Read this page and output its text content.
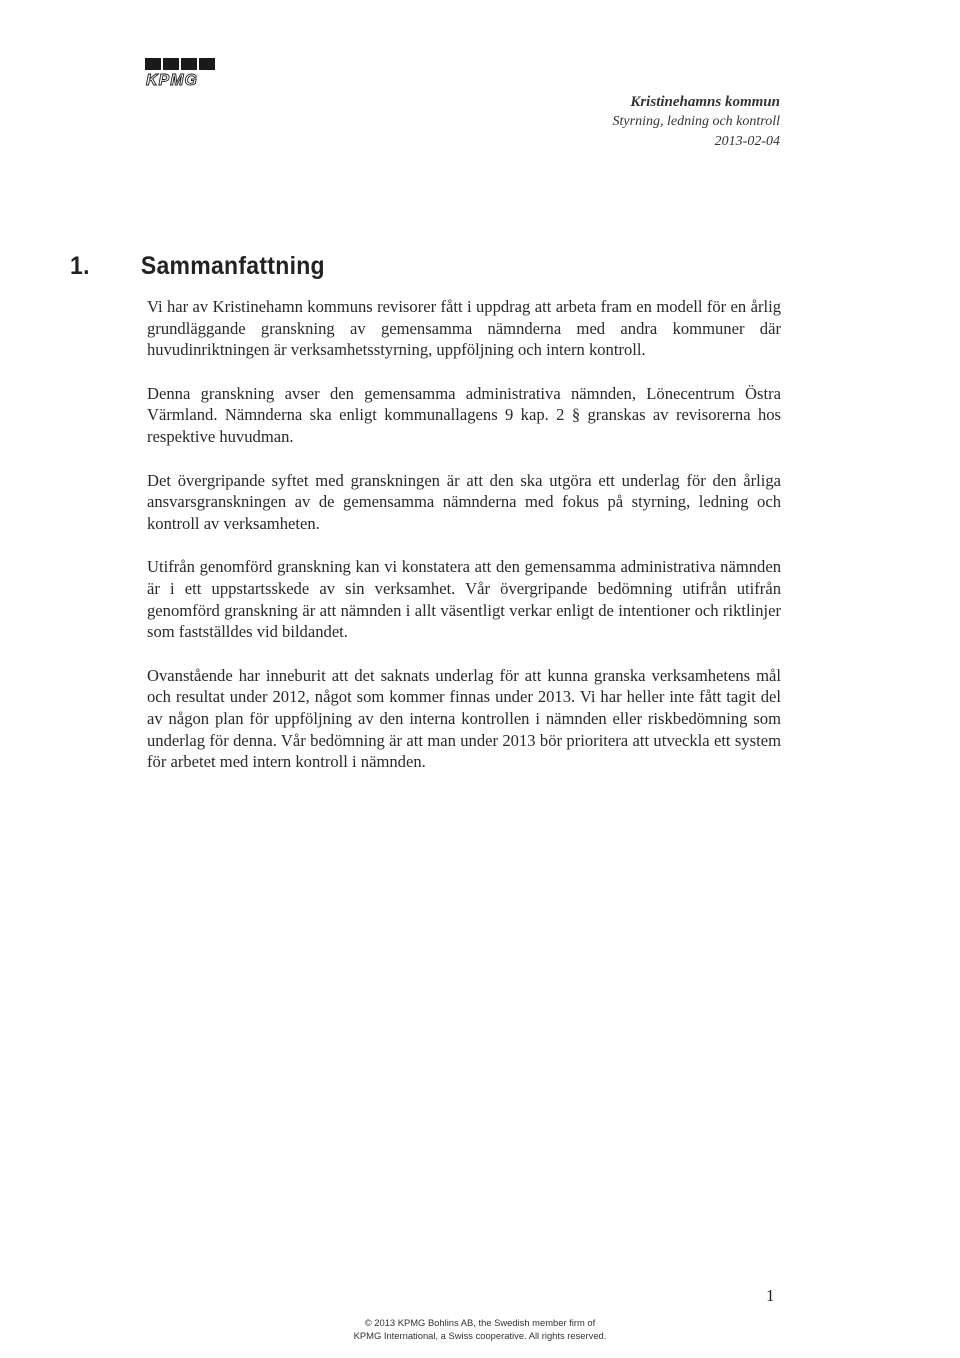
KPMG
Kristinehamns kommun
Styrning, ledning och kontroll
2013-02-04
1. Sammanfattning

Vi har av Kristinehamn kommuns revisorer fått i uppdrag att arbeta fram en modell för en årlig grundläggande granskning av gemensamma nämnderna med andra kommuner där huvudinriktningen är verksamhetsstyrning, uppföljning och intern kontroll.

Denna granskning avser den gemensamma administrativa nämnden, Lönecentrum Östra Värmland. Nämnderna ska enligt kommunallagens 9 kap. 2 § granskas av revisorerna hos respektive huvudman.

Det övergripande syftet med granskningen är att den ska utgöra ett underlag för den årliga ansvarsgranskningen av de gemensamma nämnderna med fokus på styrning, ledning och kontroll av verksamheten.

Utifrån genomförd granskning kan vi konstatera att den gemensamma administrativa nämnden är i ett uppstartsskede av sin verksamhet. Vår övergripande bedömning utifrån utifrån genomförd granskning är att nämnden i allt väsentligt verkar enligt de intentioner och riktlinjer som fastställdes vid bildandet.

Ovanstående har inneburit att det saknats underlag för att kunna granska verksamhetens mål och resultat under 2012, något som kommer finnas under 2013. Vi har heller inte fått tagit del av någon plan för uppföljning av den interna kontrollen i nämnden eller riskbedömning som underlag för denna. Vår bedömning är att man under 2013 bör prioritera att utveckla ett system för arbetet med intern kontroll i nämnden.

1
© 2013 KPMG Bohlins AB, the Swedish member firm of
KPMG International, a Swiss cooperative. All rights reserved.
